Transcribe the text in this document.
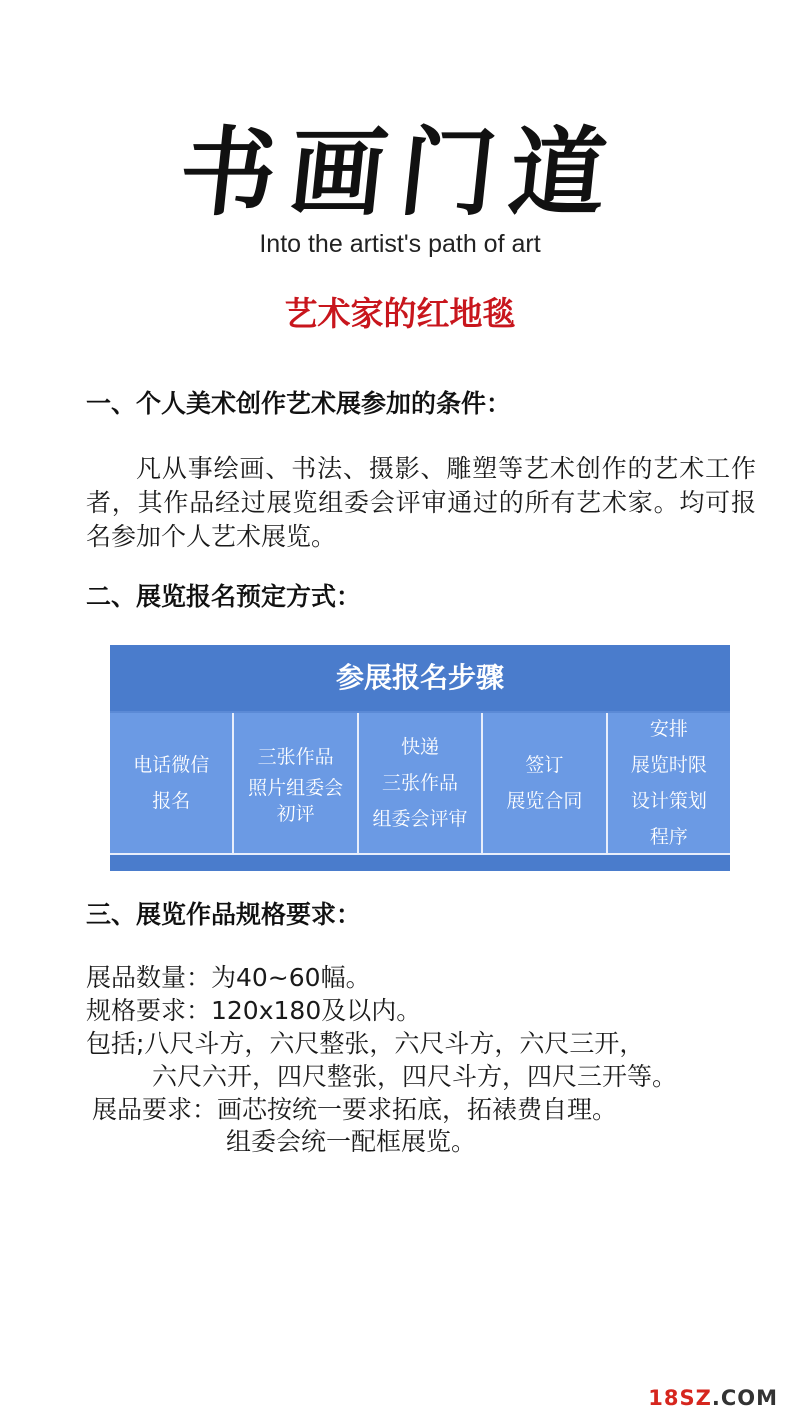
书画门道
Into the artist's path of art
艺术家的红地毯
一、个人美术创作艺术展参加的条件：
凡从事绘画、书法、摄影、雕塑等艺术创作的艺术工作者，其作品经过展览组委会评审通过的所有艺术家。均可报名参加个人艺术展览。
二、展览报名预定方式：
参展报名步骤
电话微信
报名
三张作品
照片组委会
初评
快递
三张作品
组委会评审
签订
展览合同
安排
展览时限
设计策划
程序
三、展览作品规格要求：
展品数量：为40~60幅。
规格要求：120x180及以内。
包括;八尺斗方，六尺整张，六尺斗方，六尺三开，
六尺六开，四尺整张，四尺斗方，四尺三开等。
展品要求：画芯按统一要求拓底，拓裱费自理。
组委会统一配框展览。
18SZ.COM
